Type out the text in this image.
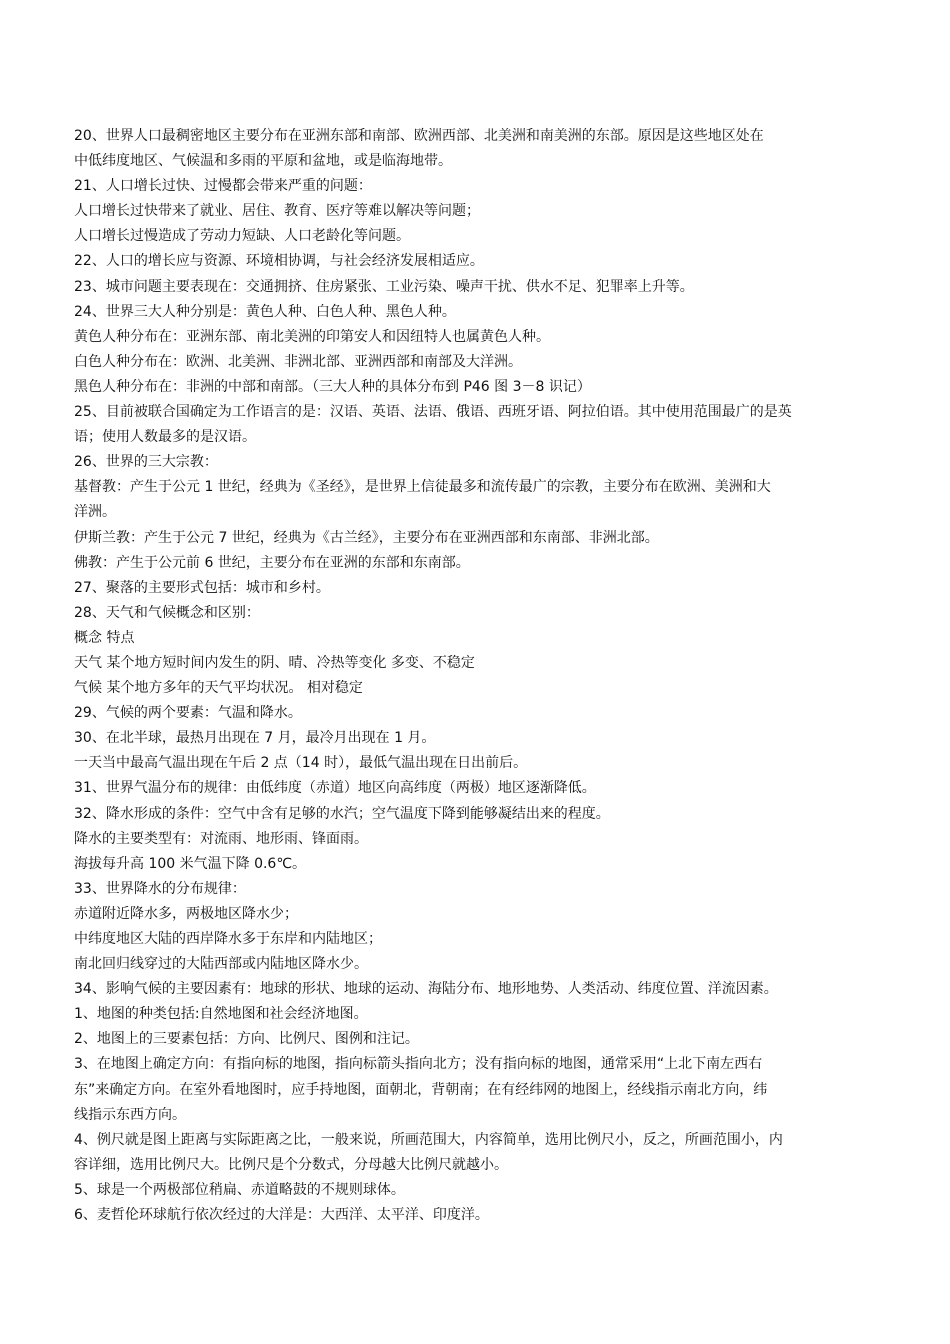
20、世界人口最稠密地区主要分布在亚洲东部和南部、欧洲西部、北美洲和南美洲的东部。原因是这些地区处在
中低纬度地区、气候温和多雨的平原和盆地，或是临海地带。
21、人口增长过快、过慢都会带来严重的问题：
人口增长过快带来了就业、居住、教育、医疗等难以解决等问题；
人口增长过慢造成了劳动力短缺、人口老龄化等问题。
22、人口的增长应与资源、环境相协调，与社会经济发展相适应。
23、城市问题主要表现在：交通拥挤、住房紧张、工业污染、噪声干扰、供水不足、犯罪率上升等。
24、世界三大人种分别是：黄色人种、白色人种、黑色人种。
黄色人种分布在：亚洲东部、南北美洲的印第安人和因纽特人也属黄色人种。
白色人种分布在：欧洲、北美洲、非洲北部、亚洲西部和南部及大洋洲。
黑色人种分布在：非洲的中部和南部。（三大人种的具体分布到 P46 图 3－8 识记）
25、目前被联合国确定为工作语言的是：汉语、英语、法语、俄语、西班牙语、阿拉伯语。其中使用范围最广的是英
语；使用人数最多的是汉语。
26、世界的三大宗教：
基督教：产生于公元 1 世纪，经典为《圣经》，是世界上信徒最多和流传最广的宗教，主要分布在欧洲、美洲和大
洋洲。
伊斯兰教：产生于公元 7 世纪，经典为《古兰经》，主要分布在亚洲西部和东南部、非洲北部。
佛教：产生于公元前 6 世纪，主要分布在亚洲的东部和东南部。
27、聚落的主要形式包括：城市和乡村。
28、天气和气候概念和区别：
概念 特点
天气 某个地方短时间内发生的阴、晴、冷热等变化 多变、不稳定
气候 某个地方多年的天气平均状况。 相对稳定
29、气候的两个要素：气温和降水。
30、在北半球，最热月出现在 7 月，最冷月出现在 1 月。
一天当中最高气温出现在午后 2 点（14 时），最低气温出现在日出前后。
31、世界气温分布的规律：由低纬度（赤道）地区向高纬度（两极）地区逐渐降低。
32、降水形成的条件：空气中含有足够的水汽；空气温度下降到能够凝结出来的程度。
降水的主要类型有：对流雨、地形雨、锋面雨。
海拔每升高 100 米气温下降 0.6℃。
33、世界降水的分布规律：
赤道附近降水多，两极地区降水少；
中纬度地区大陆的西岸降水多于东岸和内陆地区；
南北回归线穿过的大陆西部或内陆地区降水少。
34、影响气候的主要因素有：地球的形状、地球的运动、海陆分布、地形地势、人类活动、纬度位置、洋流因素。
1、地图的种类包括:自然地图和社会经济地图。
2、地图上的三要素包括：方向、比例尺、图例和注记。
3、在地图上确定方向：有指向标的地图，指向标箭头指向北方；没有指向标的地图，通常采用“上北下南左西右
东”来确定方向。在室外看地图时，应手持地图，面朝北，背朝南；在有经纬网的地图上，经线指示南北方向，纬
线指示东西方向。
4、例尺就是图上距离与实际距离之比，一般来说，所画范围大，内容简单，选用比例尺小，反之，所画范围小，内
容详细，选用比例尺大。比例尺是个分数式，分母越大比例尺就越小。
5、球是一个两极部位稍扁、赤道略鼓的不规则球体。
6、麦哲伦环球航行依次经过的大洋是：大西洋、太平洋、印度洋。
